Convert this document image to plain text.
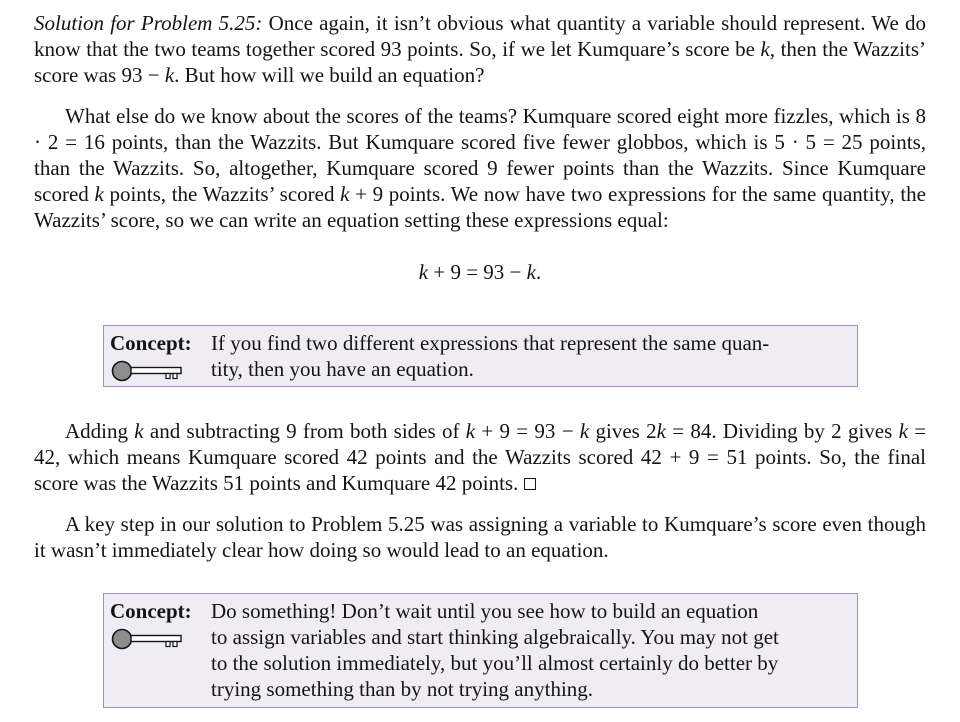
Solution for Problem 5.25: Once again, it isn’t obvious what quantity a variable should represent. We do know that the two teams together scored 93 points. So, if we let Kumquare’s score be k, then the Wazzits’ score was 93 − k. But how will we build an equation?

What else do we know about the scores of the teams? Kumquare scored eight more fizzles, which is 8 · 2 = 16 points, than the Wazzits. But Kumquare scored five fewer globbos, which is 5 · 5 = 25 points, than the Wazzits. So, altogether, Kumquare scored 9 fewer points than the Wazzits. Since Kumquare scored k points, the Wazzits’ scored k + 9 points. We now have two expressions for the same quantity, the Wazzits’ score, so we can write an equation setting these expressions equal:

k + 9 = 93 − k.
Concept: If you find two different expressions that represent the same quan-
tity, then you have an equation.

Adding k and subtracting 9 from both sides of k + 9 = 93 − k gives 2k = 84. Dividing by 2 gives k = 42, which means Kumquare scored 42 points and the Wazzits scored 42 + 9 = 51 points. So, the final score was the Wazzits 51 points and Kumquare 42 points.

A key step in our solution to Problem 5.25 was assigning a variable to Kumquare’s score even though it wasn’t immediately clear how doing so would lead to an equation.

Concept: Do something! Don’t wait until you see how to build an equation
to assign variables and start thinking algebraically. You may not get
to the solution immediately, but you’ll almost certainly do better by
trying something than by not trying anything.
